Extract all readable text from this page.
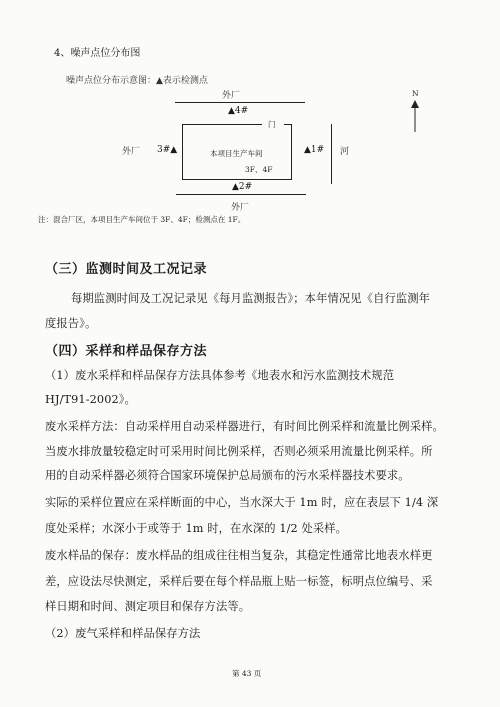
4、噪声点位分布图
噪声点位分布示意图：▲表示检测点
外厂
▲4#
门
本项目生产车间
3F、4F
外厂 3#▲	▲1# 河
▲2#
外厂
N
注：混合厂区，本项目生产车间位于 3F、4F；检测点在 1F。
（三）监测时间及工况记录
每期监测时间及工况记录见《每月监测报告》；本年情况见《自行监测年
度报告》。
（四）采样和样品保存方法
（1）废水采样和样品保存方法具体参考《地表水和污水监测技术规范
HJ/T91-2002》。
废水采样方法：自动采样用自动采样器进行，有时间比例采样和流量比例采样。
当废水排放量较稳定时可采用时间比例采样，否则必须采用流量比例采样。所
用的自动采样器必须符合国家环境保护总局颁布的污水采样器技术要求。
实际的采样位置应在采样断面的中心，当水深大于 1m 时，应在表层下 1/4 深
度处采样；水深小于或等于 1m 时，在水深的 1/2 处采样。
废水样品的保存：废水样品的组成往往相当复杂，其稳定性通常比地表水样更
差，应设法尽快测定，采样后要在每个样品瓶上贴一标签，标明点位编号、采
样日期和时间、测定项目和保存方法等。
（2）废气采样和样品保存方法
第 43 页
